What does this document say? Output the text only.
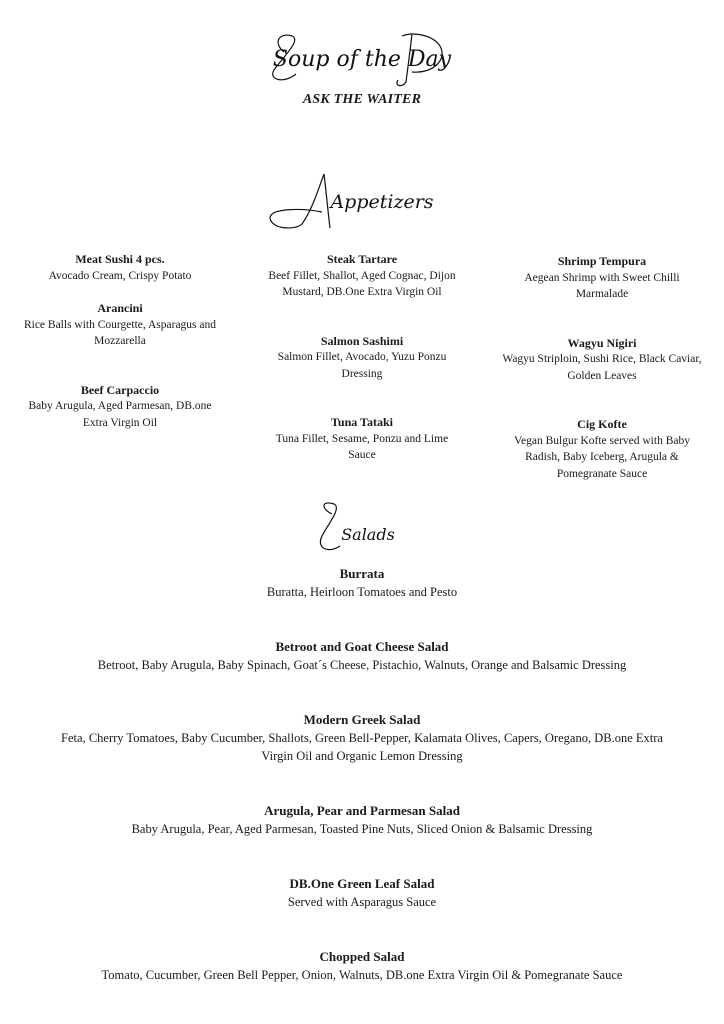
Soup of the Day
ASK THE WAITER
Appetizers
Meat Sushi 4 pcs.
Avocado Cream, Crispy Potato
Arancini
Rice Balls with Courgette, Asparagus and Mozzarella
Beef Carpaccio
Baby Arugula, Aged Parmesan, DB.one Extra Virgin Oil
Steak Tartare
Beef Fillet, Shallot, Aged Cognac, Dijon Mustard, DB.One Extra Virgin Oil
Salmon Sashimi
Salmon Fillet, Avocado, Yuzu Ponzu Dressing
Tuna Tataki
Tuna Fillet, Sesame, Ponzu and Lime Sauce
Shrimp Tempura
Aegean Shrimp with Sweet Chilli Marmalade
Wagyu Nigiri
Wagyu Striploin, Sushi Rice, Black Caviar, Golden Leaves
Cig Kofte
Vegan Bulgur Kofte served with Baby Radish, Baby Iceberg, Arugula & Pomegranate Sauce
Salads
Burrata
Buratta, Heirloon Tomatoes and Pesto
Betroot and Goat Cheese Salad
Betroot, Baby Arugula, Baby Spinach, Goat´s Cheese, Pistachio, Walnuts, Orange and Balsamic Dressing
Modern Greek Salad
Feta, Cherry Tomatoes, Baby Cucumber, Shallots, Green Bell-Pepper, Kalamata Olives, Capers, Oregano, DB.one Extra Virgin Oil and Organic Lemon Dressing
Arugula, Pear and Parmesan Salad
Baby Arugula, Pear, Aged Parmesan, Toasted Pine Nuts, Sliced Onion & Balsamic Dressing
DB.One Green Leaf Salad
Served with Asparagus Sauce
Chopped Salad
Tomato, Cucumber, Green Bell Pepper, Onion, Walnuts, DB.one Extra Virgin Oil & Pomegranate Sauce
